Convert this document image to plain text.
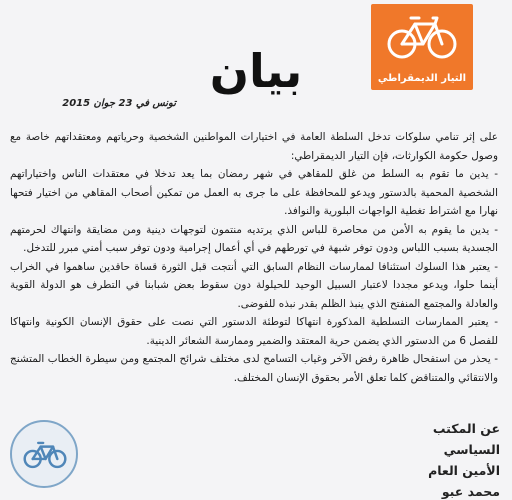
التيار الديمقراطي
بيان
تونس في 23 جوان 2015

على إثر تنامي سلوكات تدخل السلطة العامة في اختيارات المواطنين الشخصية وحرياتهم ومعتقداتهم خاصة مع وصول حكومة الكوارثات، فإن التيار الديمقراطي:

- يدين ما تقوم به السلط من غلق للمقاهي في شهر رمضان بما يعد تدخلا في معتقدات الناس واختياراتهم الشخصية المحمية بالدستور ويدعو للمحافظة على ما جرى به العمل من تمكين أصحاب المقاهي من اختيار فتحها نهارا مع اشتراط تغطية الواجهات البلورية والنوافذ.

- يدين ما يقوم به الأمن من محاصرة للباس الذي يرتديه منتمون لتوجهات دينية ومن مضايقة وانتهاك لحرمتهم الجسدية بسبب اللباس ودون توفر شبهة في تورطهم في أي أعمال إجرامية ودون توفر سبب أمني مبرر للتدخل.

- يعتبر هذا السلوك استئنافا لممارسات النظام السابق التي أنتجت قبل الثورة قساة حاقدين ساهموا في الخراب أينما حلوا، ويدعو مجددا لاعتبار السبيل الوحيد للحيلولة دون سقوط بعض شبابنا في التطرف هو الدولة القوية والعادلة والمجتمع المنفتح الذي ينبذ الظلم بقدر نبذه للفوضى.

- يعتبر الممارسات التسلطية المذكورة انتهاكا لتوطئة الدستور التي نصت على حقوق الإنسان الكونية وانتهاكا للفصل 6 من الدستور الذي يضمن حرية المعتقد والضمير وممارسة الشعائر الدينية.

- يحذر من استفحال ظاهرة رفض الآخر وغياب التسامح لدى مختلف شرائح المجتمع ومن سيطرة الخطاب المتشنج والانتقائي والمتناقض كلما تعلق الأمر بحقوق الإنسان المختلف.

عن المكتب السياسي
الأمين العام
محمد عبو
